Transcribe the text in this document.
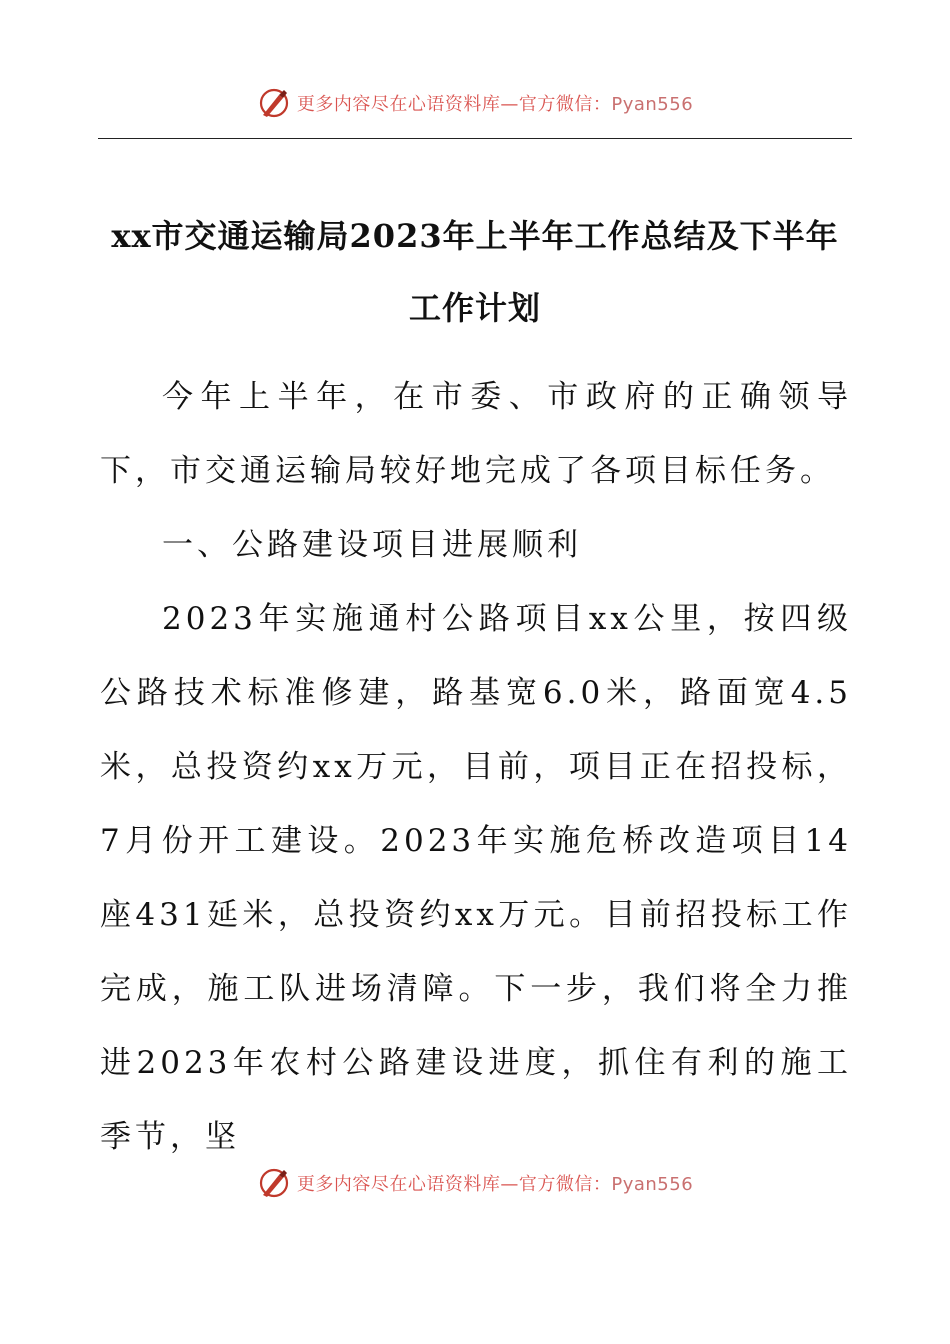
更多内容尽在心语资料库—官方微信：Pyan556
xx市交通运输局2023年上半年工作总结及下半年工作计划

今年上半年，在市委、市政府的正确领导下，市交通运输局较好地完成了各项目标任务。

一、公路建设项目进展顺利

2023年实施通村公路项目xx公里，按四级公路技术标准修建，路基宽6.0米，路面宽4.5米，总投资约xx万元，目前，项目正在招投标，7月份开工建设。2023年实施危桥改造项目14座431延米，总投资约xx万元。目前招投标工作完成，施工队进场清障。下一步，我们将全力推进2023年农村公路建设进度，抓住有利的施工季节，坚

更多内容尽在心语资料库—官方微信：Pyan556
